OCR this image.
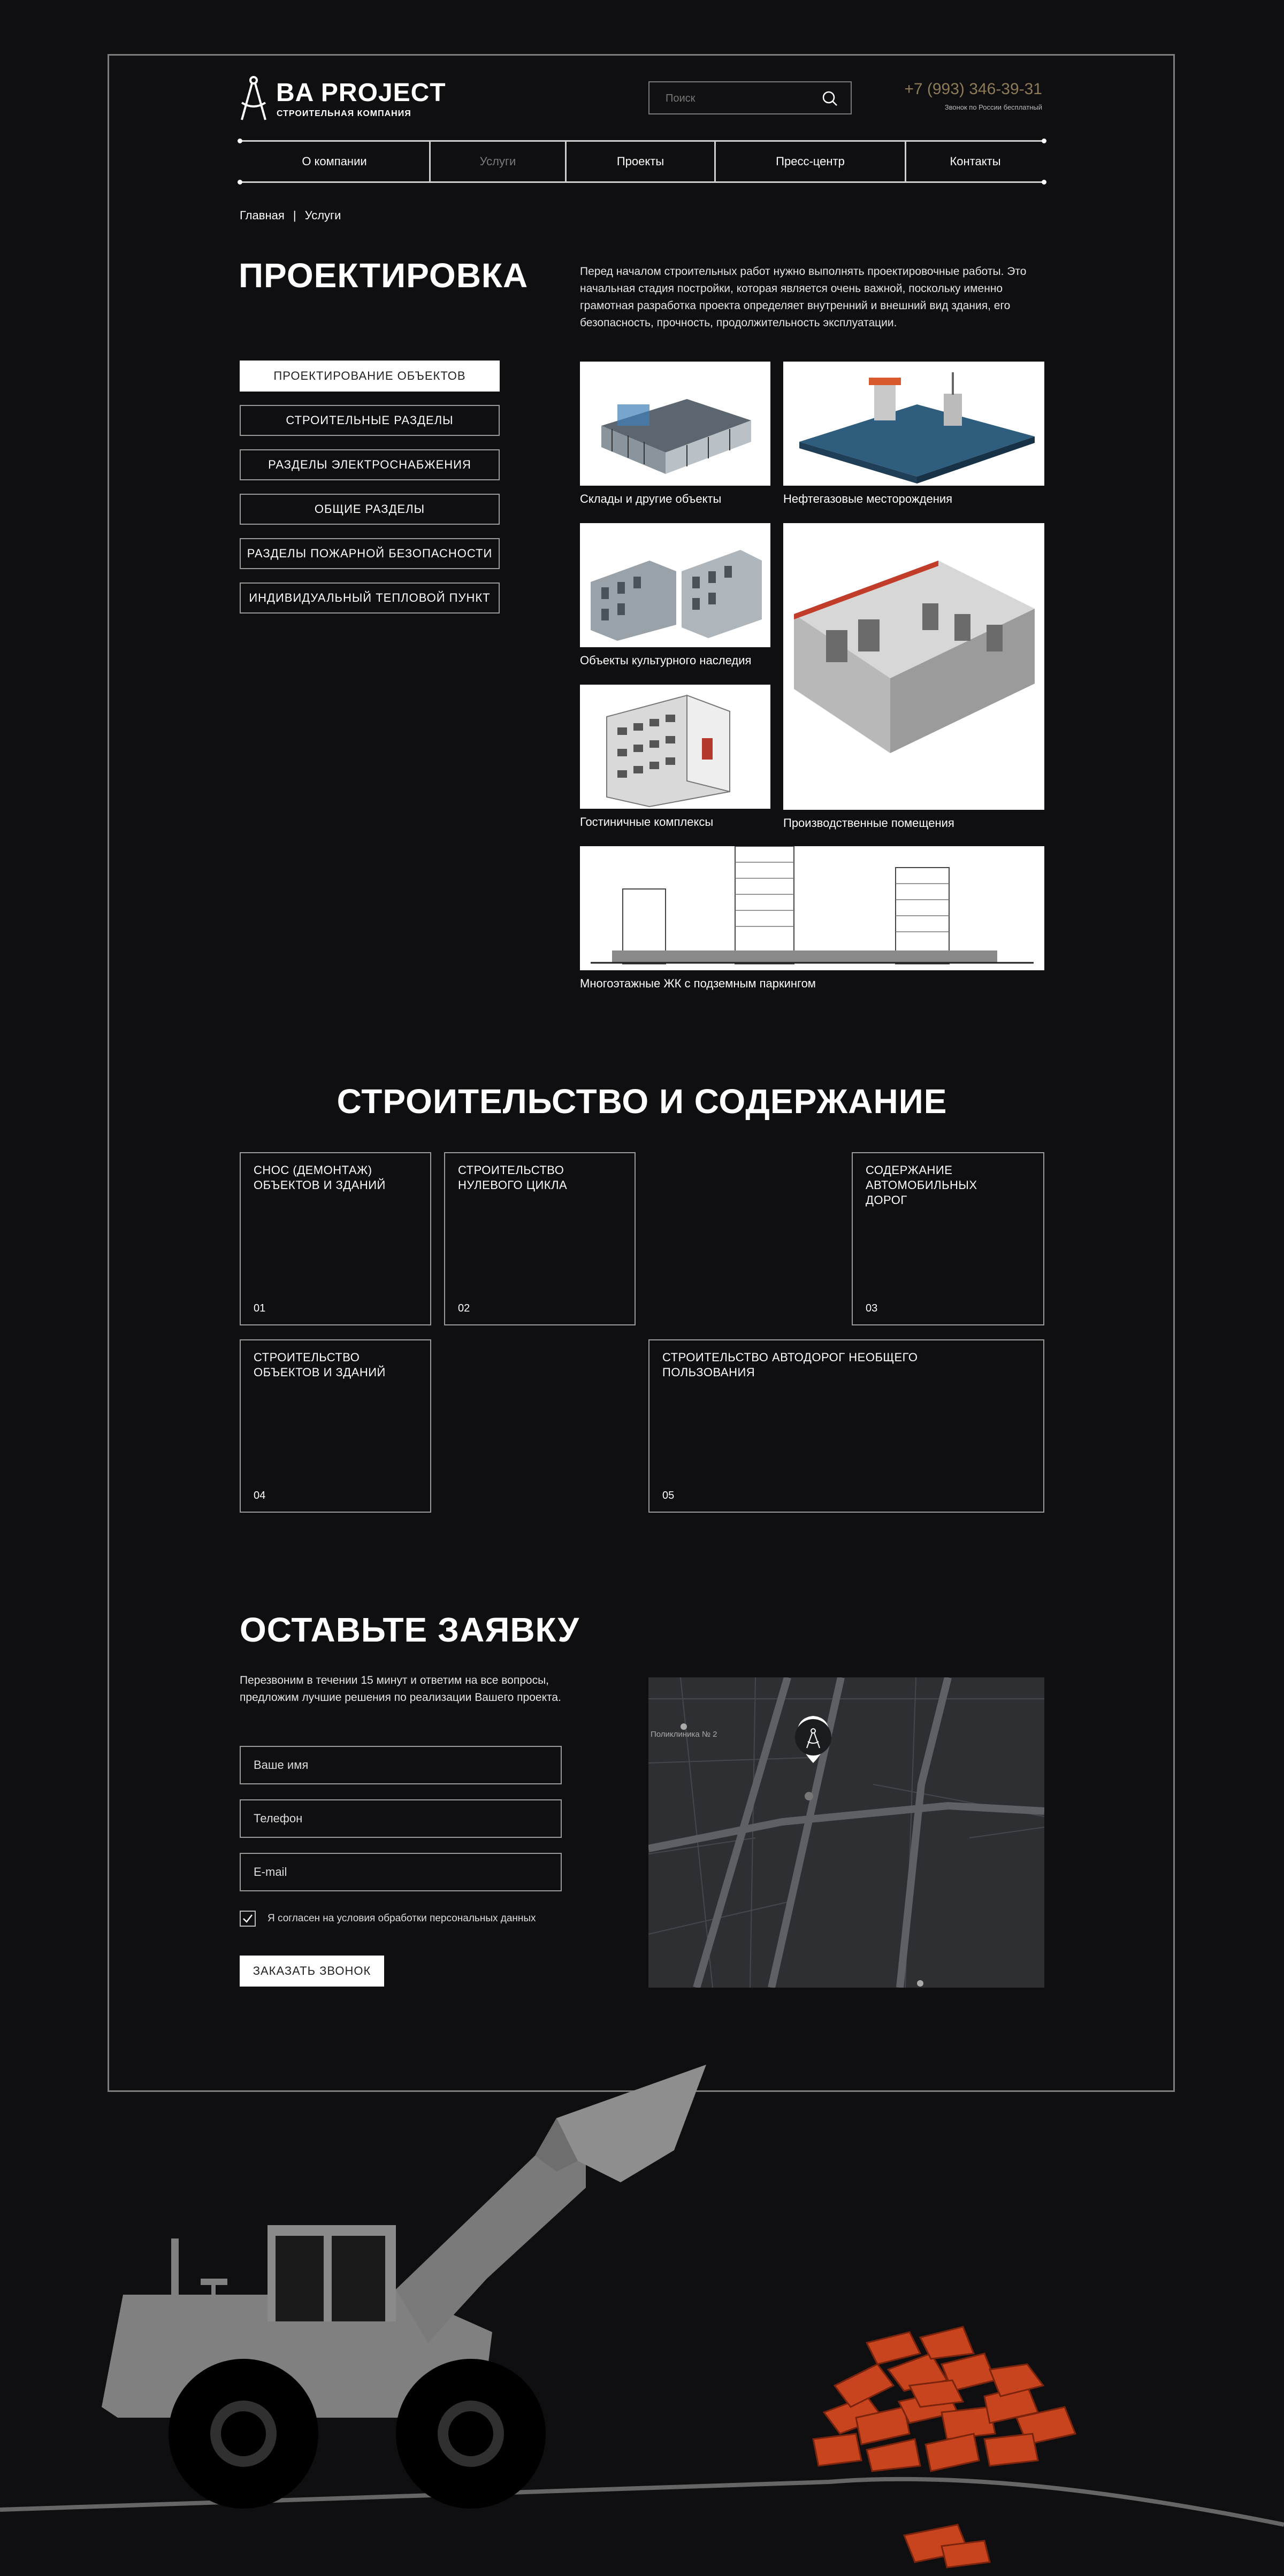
BA PROJECT
СТРОИТЕЛЬНАЯ КОМПАНИЯ
Поиск
+7 (993) 346-39-31
Звонок по России бесплатный
О компании	Услуги	Проекты	Пресс-центр	Контакты
Главная | Услуги
ПРОЕКТИРОВКА	Перед началом строительных работ нужно выполнять проектировочные работы. Это начальная стадия постройки, которая является очень важной, поскольку именно грамотная разработка проекта определяет внутренний и внешний вид здания, его безопасность, прочность, продолжительность эксплуатации.
ПРОЕКТИРОВАНИЕ ОБЪЕКТОВ
СТРОИТЕЛЬНЫЕ РАЗДЕЛЫ
РАЗДЕЛЫ ЭЛЕКТРОСНАБЖЕНИЯ
ОБЩИЕ РАЗДЕЛЫ
РАЗДЕЛЫ ПОЖАРНОЙ БЕЗОПАСНОСТИ
ИНДИВИДУАЛЬНЫЙ ТЕПЛОВОЙ ПУНКТ
Склады и другие объекты	Нефтегазовые месторождения
Объекты культурного наследия
Производственные помещения
Гостиничные комплексы
Многоэтажные ЖК с подземным паркингом
СТРОИТЕЛЬСТВО И СОДЕРЖАНИЕ
СНОС (ДЕМОНТАЖ) ОБЪЕКТОВ И ЗДАНИЙ
01
СТРОИТЕЛЬСТВО НУЛЕВОГО ЦИКЛА
02
СОДЕРЖАНИЕ АВТОМОБИЛЬНЫХ ДОРОГ
03
СТРОИТЕЛЬСТВО ОБЪЕКТОВ И ЗДАНИЙ
04
СТРОИТЕЛЬСТВО АВТОДОРОГ НЕОБЩЕГО ПОЛЬЗОВАНИЯ
05
ОСТАВЬТЕ ЗАЯВКУ
Перезвоним в течении 15 минут и ответим на все вопросы, предложим лучшие решения по реализации Вашего проекта.
Ваше имя
Телефон
E-mail
Я согласен на условия обработки персональных данных
ЗАКАЗАТЬ ЗВОНОК
Поликлиника № 2
